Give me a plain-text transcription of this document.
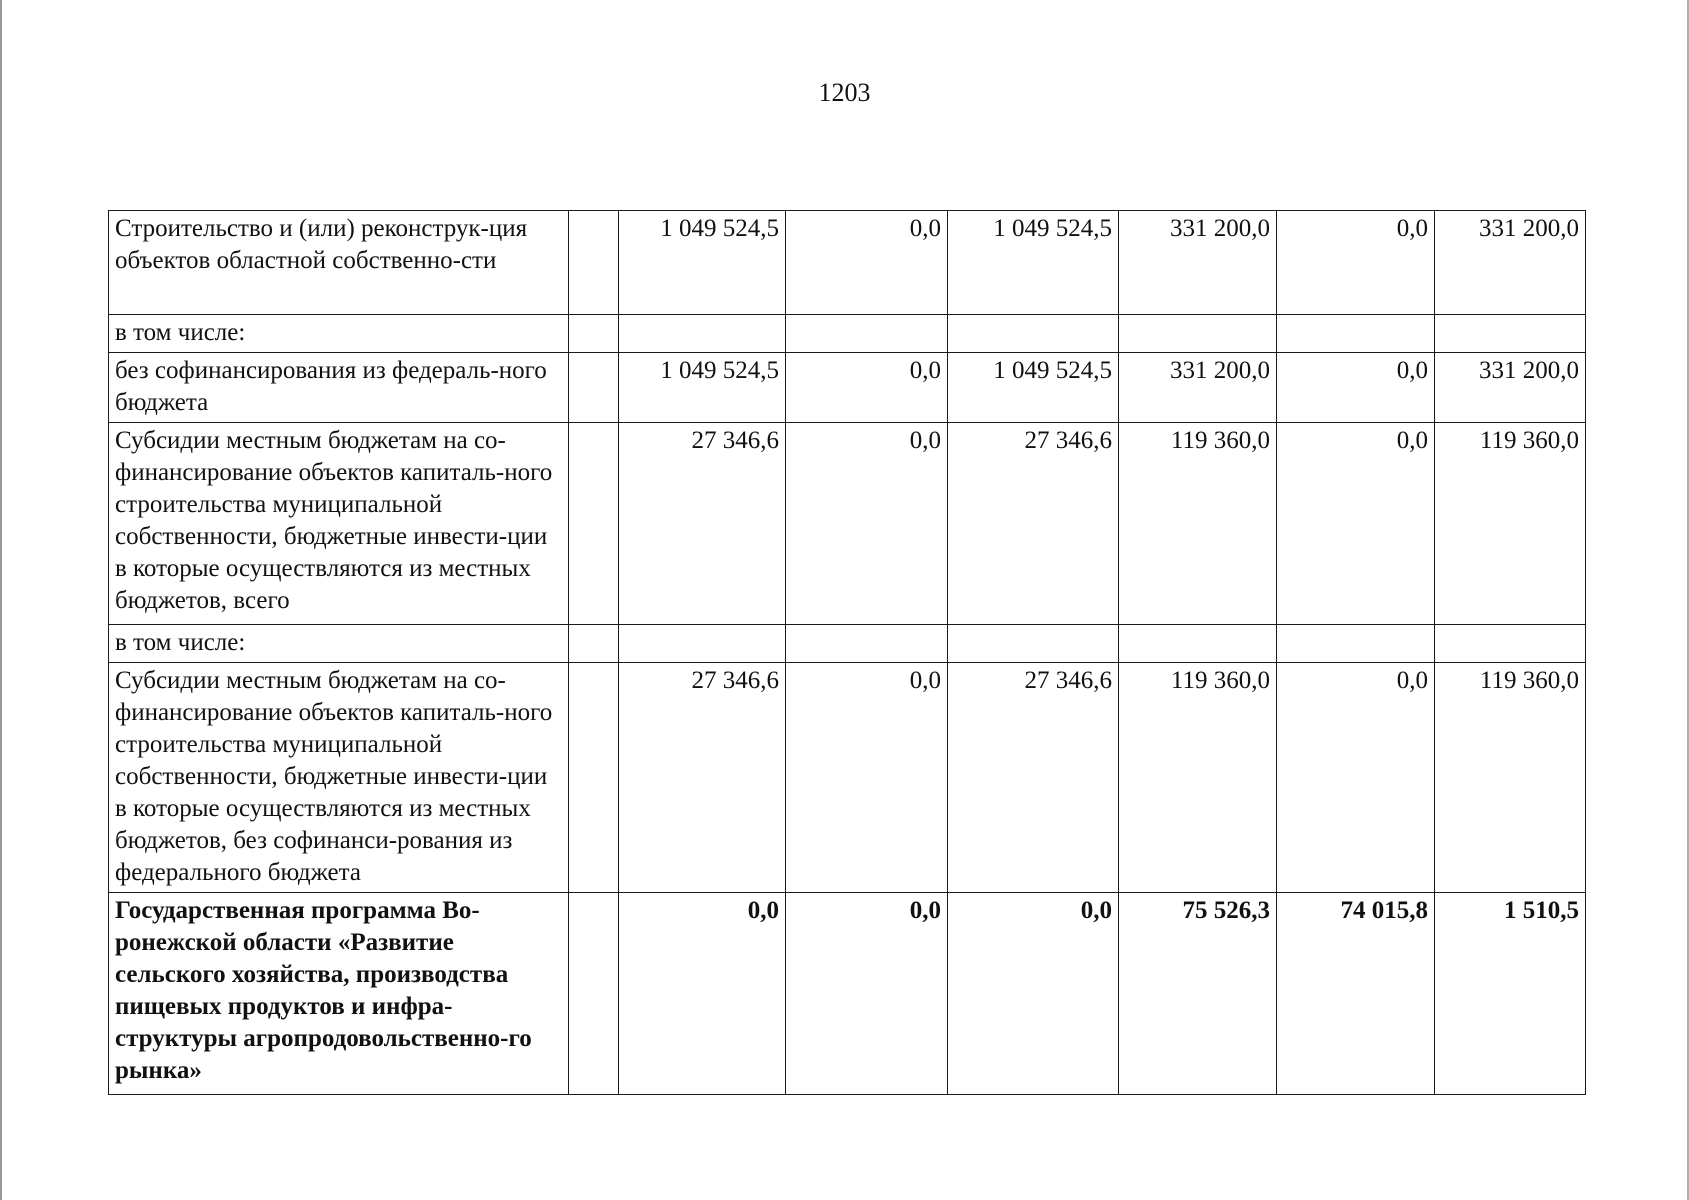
1203
Строительство и (или) реконструк-ция объектов областной собственно-сти		1 049 524,5	0,0	1 049 524,5	331 200,0	0,0	331 200,0
в том числе:							
без софинансирования из федераль-ного бюджета		1 049 524,5	0,0	1 049 524,5	331 200,0	0,0	331 200,0
Субсидии местным бюджетам на со-финансирование объектов капиталь-ного строительства муниципальной собственности, бюджетные инвести-ции в которые осуществляются из местных бюджетов, всего		27 346,6	0,0	27 346,6	119 360,0	0,0	119 360,0
в том числе:							
Субсидии местным бюджетам на со-финансирование объектов капиталь-ного строительства муниципальной собственности, бюджетные инвести-ции в которые осуществляются из местных бюджетов, без софинанси-рования из федерального бюджета		27 346,6	0,0	27 346,6	119 360,0	0,0	119 360,0
Государственная программа Во-ронежской области «Развитие сельского хозяйства, производства пищевых продуктов и инфра-структуры агропродовольственно-го рынка»		0,0	0,0	0,0	75 526,3	74 015,8	1 510,5
